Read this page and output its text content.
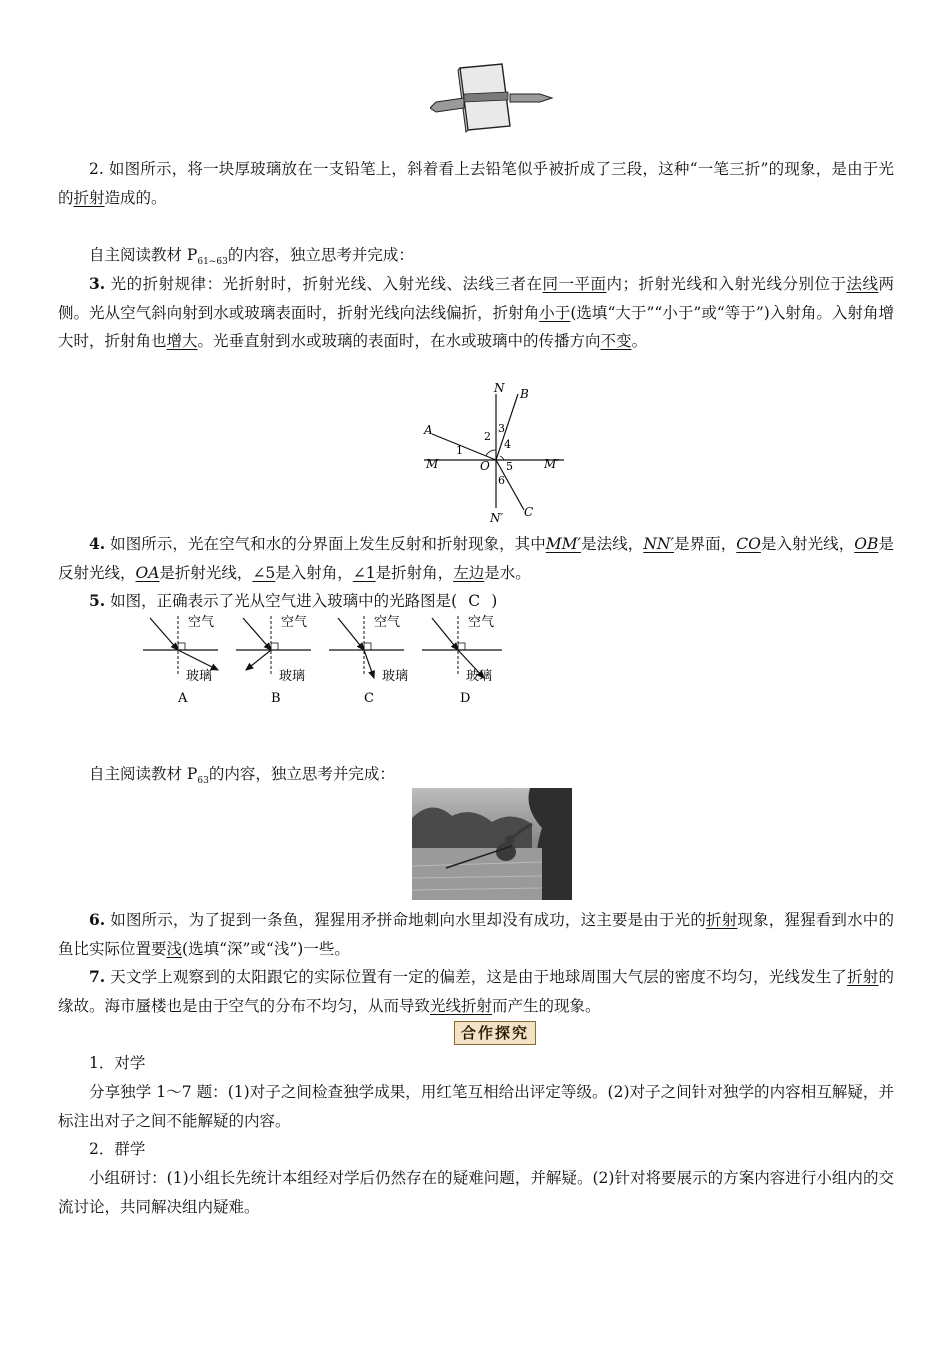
2. 如图所示，将一块厚玻璃放在一支铅笔上，斜着看上去铅笔似乎被折成了三段，这种“一笔三折”的现象，是由于光的折射造成的。
自主阅读教材 $P_{61\sim 63}$的内容，独立思考并完成：
3. 光的折射规律：光折射时，折射光线、入射光线、法线三者在同一平面内；折射光线和入射光线分别位于法线两侧。光从空气斜向射到水或玻璃表面时，折射光线向法线偏折，折射角小于(选填“大于”“小于”或“等于”)入射角。入射角增大时，折射角也增大。光垂直射到水或玻璃的表面时，在水或玻璃中的传播方向不变。
N
N′
M	M′
A
B
C
O
1
2
3
4
5
6
4. 如图所示，光在空气和水的分界面上发生反射和折射现象，其中MM′是法线，NN′是界面，CO是入射光线，OB是反射光线，OA是折射光线，∠5是入射角，∠1是折射角，左边是水。
5. 如图，正确表示了光从空气进入玻璃中的光路图是( C )
空气
玻璃
A
空气
玻璃
B
空气
玻璃
C
空气
玻璃
D
自主阅读教材 $P_{63}$的内容，独立思考并完成：
6. 如图所示，为了捉到一条鱼，猩猩用矛拼命地刺向水里却没有成功，这主要是由于光的折射现象，猩猩看到水中的鱼比实际位置要浅(选填“深”或“浅”)一些。
7. 天文学上观察到的太阳跟它的实际位置有一定的偏差，这是由于地球周围大气层的密度不均匀，光线发生了折射的缘故。海市蜃楼也是由于空气的分布不均匀，从而导致光线折射而产生的现象。
合作探究
1．对学
分享独学 1～7 题：(1)对子之间检查独学成果，用红笔互相给出评定等级。(2)对子之间针对独学的内容相互解疑，并标注出对子之间不能解疑的内容。
2．群学
小组研讨：(1)小组长先统计本组经对学后仍然存在的疑难问题，并解疑。(2)针对将要展示的方案内容进行小组内的交流讨论，共同解决组内疑难。
